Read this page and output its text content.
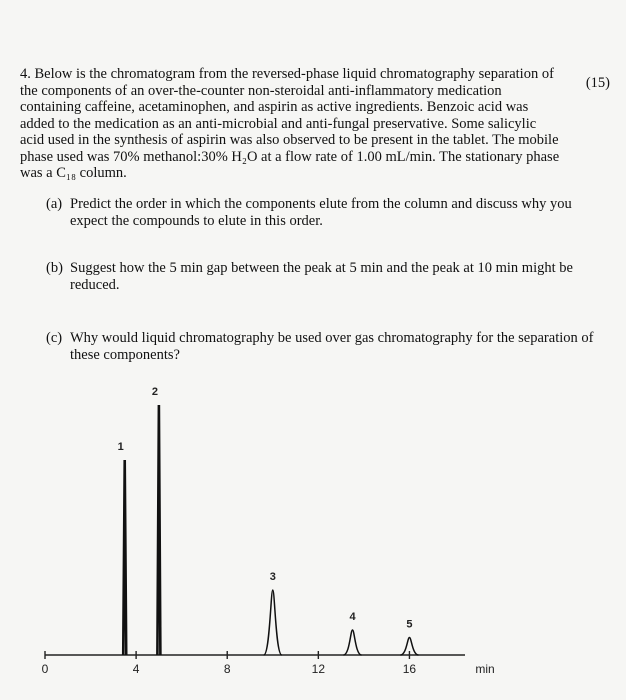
(15)

4. Below is the chromatogram from the reversed-phase liquid chromatography separation of the components of an over-the-counter non-steroidal anti-inflammatory medication containing caffeine, acetaminophen, and aspirin as active ingredients. Benzoic acid was added to the medication as an anti-microbial and anti-fungal preservative. Some salicylic acid used in the synthesis of aspirin was also observed to be present in the tablet. The mobile phase used was 70% methanol:30% H₂O at a flow rate of 1.00 mL/min. The stationary phase was a C₁₈ column.

(a) Predict the order in which the components elute from the column and discuss why you expect the compounds to elute in this order.
(b) Suggest how the 5 min gap between the peak at 5 min and the peak at 10 min might be reduced.
(c) Why would liquid chromatography be used over gas chromatography for the separation of these components?
0	4	8	12	16	min
1
2
3
4
5
